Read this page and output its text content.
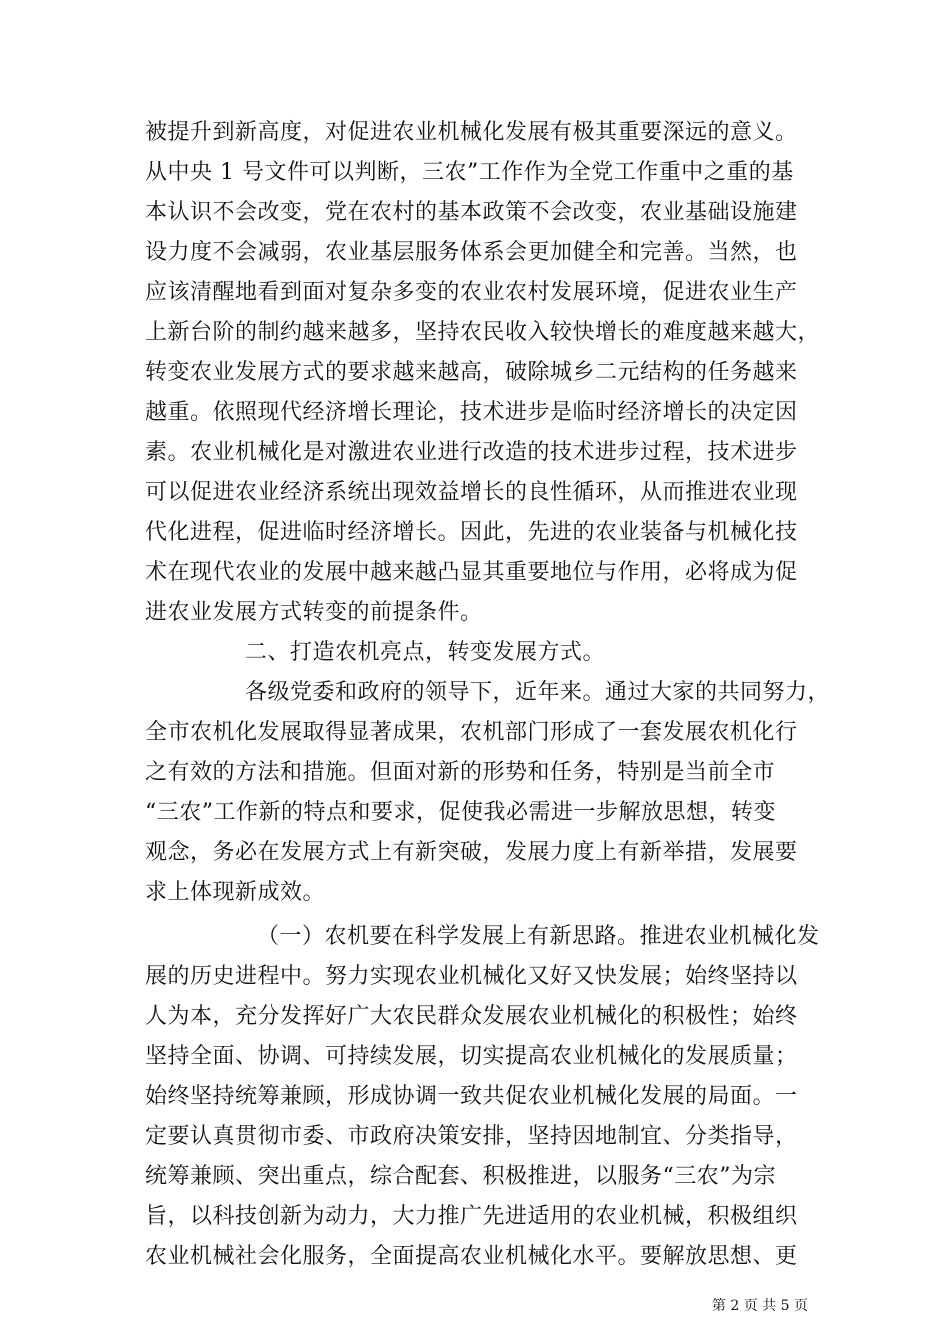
被提升到新高度，对促进农业机械化发展有极其重要深远的意义。
从中央 1 号文件可以判断，三农”工作作为全党工作重中之重的基
本认识不会改变，党在农村的基本政策不会改变，农业基础设施建
设力度不会减弱，农业基层服务体系会更加健全和完善。当然，也
应该清醒地看到面对复杂多变的农业农村发展环境，促进农业生产
上新台阶的制约越来越多，坚持农民收入较快增长的难度越来越大，
转变农业发展方式的要求越来越高，破除城乡二元结构的任务越来
越重。依照现代经济增长理论，技术进步是临时经济增长的决定因
素。农业机械化是对激进农业进行改造的技术进步过程，技术进步
可以促进农业经济系统出现效益增长的良性循环，从而推进农业现
代化进程，促进临时经济增长。因此，先进的农业装备与机械化技
术在现代农业的发展中越来越凸显其重要地位与作用，必将成为促
进农业发展方式转变的前提条件。
二、打造农机亮点，转变发展方式。
各级党委和政府的领导下，近年来。通过大家的共同努力，
全市农机化发展取得显著成果，农机部门形成了一套发展农机化行
之有效的方法和措施。但面对新的形势和任务，特别是当前全市
“三农”工作新的特点和要求，促使我必需进一步解放思想，转变
观念，务必在发展方式上有新突破，发展力度上有新举措，发展要
求上体现新成效。
（一）农机要在科学发展上有新思路。推进农业机械化发
展的历史进程中。努力实现农业机械化又好又快发展；始终坚持以
人为本，充分发挥好广大农民群众发展农业机械化的积极性；始终
坚持全面、协调、可持续发展，切实提高农业机械化的发展质量；
始终坚持统筹兼顾，形成协调一致共促农业机械化发展的局面。一
定要认真贯彻市委、市政府决策安排，坚持因地制宜、分类指导，
统筹兼顾、突出重点，综合配套、积极推进，以服务“三农”为宗
旨，以科技创新为动力，大力推广先进适用的农业机械，积极组织
农业机械社会化服务，全面提高农业机械化水平。要解放思想、更
第 2 页 共 5 页
